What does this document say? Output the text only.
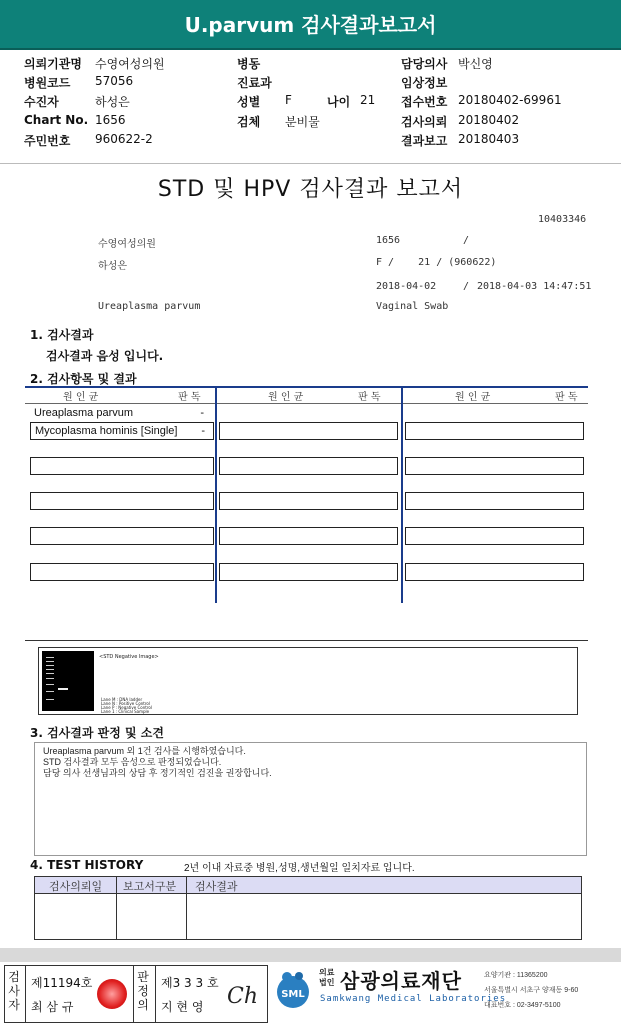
U.parvum 검사결과보고서
의뢰기관명 수영여성의원	병동	담당의사 박신영
병원코드 57056	진료과	임상정보
수진자	하성은	성별 F	나이 21 접수번호 20180402-69961
Chart No. 1656	검체 분비물	검사의뢰 20180402
주민번호 960622-2	결과보고 20180403
STD 및 HPV 검사결과 보고서
10403346
수영여성의원	1656	/
하성은	F /    21 / (960622)
2018-04-02	/ 2018-04-03 14:47:51
Ureaplasma parvum	Vaginal Swab
1. 검사결과
검사결과 음성 입니다.
2. 검사항목 및 결과
원 인 균	판 독	원 인 균	판 독	원 인 균	판 독
Ureaplasma parvum	-
Mycoplasma hominis [Single] -
<STD Negative Image>
Lane M : DNA ladder
Lane N : Positive Control
Lane P : Negative Control
Lane 1 : Clinical Sample
3. 검사결과 판정 및 소견
Ureaplasma parvum 외 1건 검사를 시행하였습니다.
STD 검사결과 모두 음성으로 판정되었습니다.
담당 의사 선생님과의 상담 후 정기적인 검진을 권장합니다.
4. TEST HISTORY	2년 이내 자료중 병원,성명,생년월일 일치자료 입니다.
검사의뢰일 보고서구분 검사결과
검사자
제11194호
최 삼 규
판정의
제3 3 3 호
지 현 영 Ch SML
의료
법인 삼광의료재단
Samkwang Medical Laboratories
요양기관 : 11365200
서울특별시 서초구 양재동 9-60
대표번호 : 02-3497-5100
